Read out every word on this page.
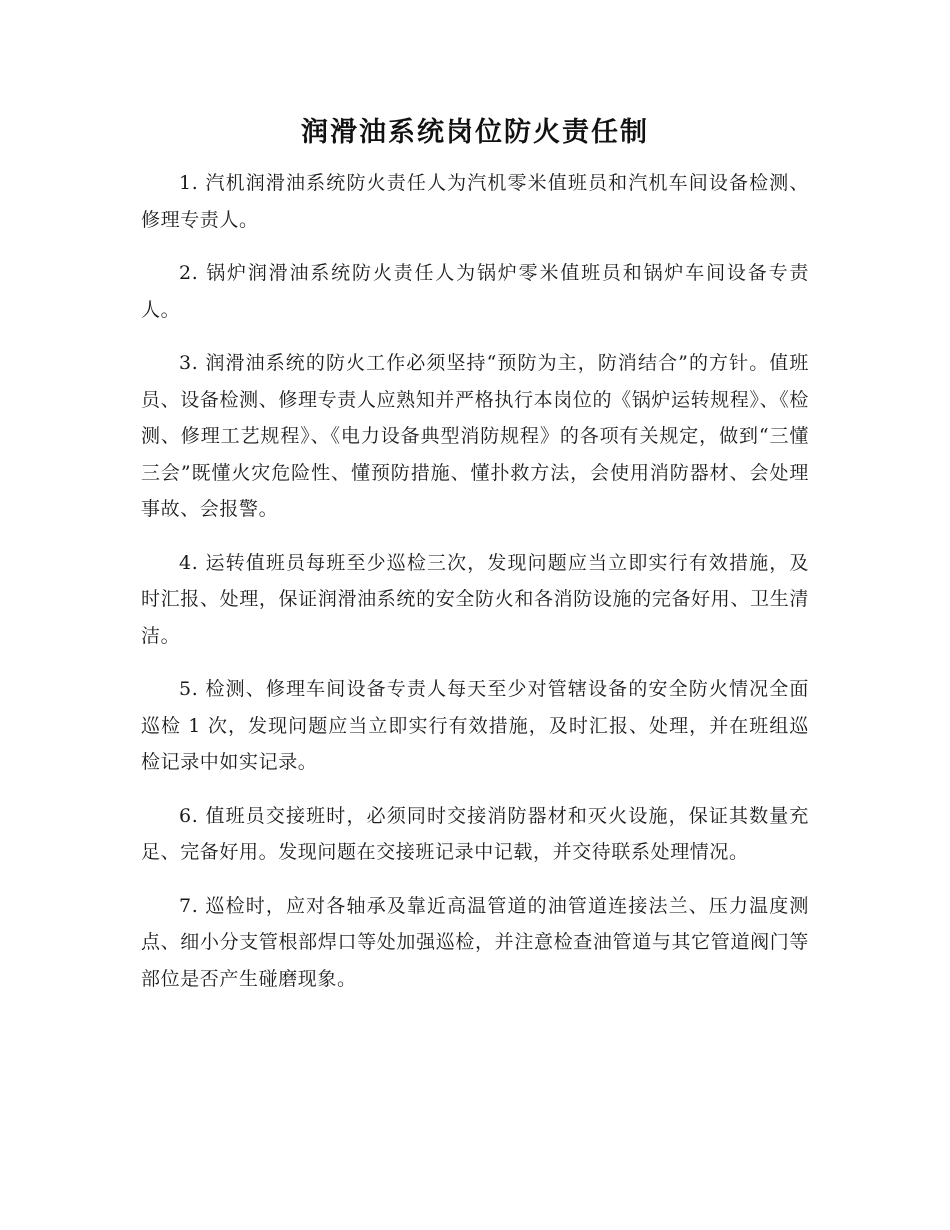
润滑油系统岗位防火责任制

1. 汽机润滑油系统防火责任人为汽机零米值班员和汽机车间设备检测、修理专责人。

2. 锅炉润滑油系统防火责任人为锅炉零米值班员和锅炉车间设备专责人。

3. 润滑油系统的防火工作必须坚持“预防为主，防消结合”的方针。值班员、设备检测、修理专责人应熟知并严格执行本岗位的《锅炉运转规程》、《检测、修理工艺规程》、《电力设备典型消防规程》的各项有关规定，做到“三懂三会”既懂火灾危险性、懂预防措施、懂扑救方法，会使用消防器材、会处理事故、会报警。

4. 运转值班员每班至少巡检三次，发现问题应当立即实行有效措施，及时汇报、处理，保证润滑油系统的安全防火和各消防设施的完备好用、卫生清洁。

5. 检测、修理车间设备专责人每天至少对管辖设备的安全防火情况全面巡检 1 次，发现问题应当立即实行有效措施，及时汇报、处理，并在班组巡检记录中如实记录。

6. 值班员交接班时，必须同时交接消防器材和灭火设施，保证其数量充足、完备好用。发现问题在交接班记录中记载，并交待联系处理情况。

7. 巡检时，应对各轴承及靠近高温管道的油管道连接法兰、压力温度测点、细小分支管根部焊口等处加强巡检，并注意检查油管道与其它管道阀门等部位是否产生碰磨现象。
